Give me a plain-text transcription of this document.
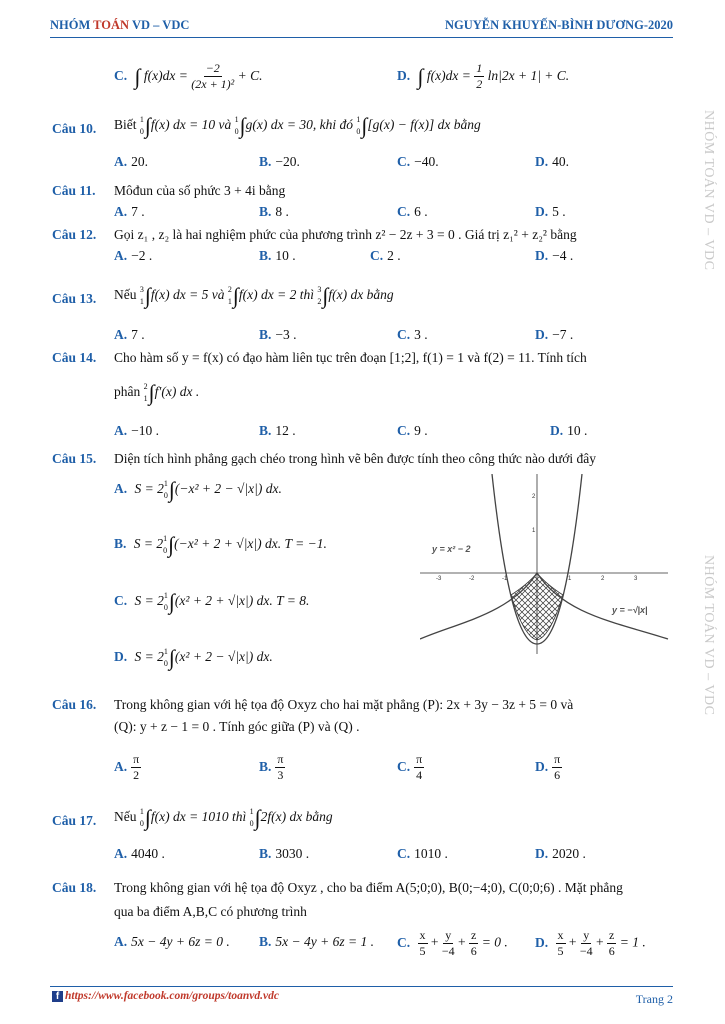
NHÓM TOÁN VD – VDC	NGUYỄN KHUYẾN-BÌNH DƯƠNG-2020
NHÓM TOÁN VD – VDC
NHÓM TOÁN VD – VDC
C. ∫ $f(x)dx = \frac{-2}{\text{(2x + 1)²}} + C$.	D. ∫ $f(x)dx = \frac{1}{2} \ln|2x + 1| + C$.
Câu 10. Biết 1
0 ∫f(x) dx = 10 và 1
0 ∫g(x) dx = 30, khi đó 1
0 ∫[g(x) − f(x)] dx bằng
A. 20.	B. −20.	C. −40.	D. 40.
Câu 11. Môđun của số phức 3 + 4i bằng
A. 7 .	B. 8 .	C. 6 .	D. 5 .
Câu 12. Gọi z₁ , z₂ là hai nghiệm phức của phương trình z² − 2z + 3 = 0 . Giá trị z₁² + z₂² bằng
A. −2 .	B. 10 .	C. 2 .	D. −4 .
Câu 13. Nếu 3
1 ∫f(x) dx = 5 và 2
1 ∫f(x) dx = 2 thì 3
2 ∫f(x) dx bằng
A. 7 .	B. −3 .	C. 3 .	D. −7 .
Câu 14. Cho hàm số y = f(x) có đạo hàm liên tục trên đoạn [1;2], f(1) = 1 và f(2) = 11. Tính tích
phân 2
1 ∫f′(x) dx .
A. −10 .	B. 12 .	C. 9 .	D. 10 .
Câu 15. Diện tích hình phẳng gạch chéo trong hình vẽ bên được tính theo công thức nào dưới đây
A. S = 2 1
0 ∫(−x² + 2 − √|x|) dx.
B. S = 2 1
0 ∫(−x² + 2 + √|x|) dx. T = −1.
C. S = 2 1
0 ∫(x² + 2 + √|x|) dx. T = 8.
D. S = 2 1
0 ∫(x² + 2 − √|x|) dx.
-3	-2	-1	1	2	3
2
1
y = x² − 2
y = −√|x|
Câu 16. Trong không gian với hệ tọa độ Oxyz cho hai mặt phẳng (P): 2x + 3y − 3z + 5 = 0 và
(Q): y + z − 1 = 0 . Tính góc giữa (P) và (Q) .
A. $\frac{\pi}{2}$	B. $\frac{\pi}{3}$	C. $\frac{\pi}{4}$	D. $\frac{\pi}{6}$
Câu 17. Nếu 1
0 ∫f(x) dx = 1010 thì 1
0 ∫2f(x) dx bằng
A. 4040 .	B. 3030 .	C. 1010 .	D. 2020 .
Câu 18. Trong không gian với hệ tọa độ Oxyz , cho ba điểm A(5;0;0), B(0;−4;0), C(0;0;6) . Mặt phẳng
qua ba điểm A,B,C có phương trình
A. 5x − 4y + 6z = 0 . B. 5x − 4y + 6z = 1 . C. $\frac{x}{5} + \frac{y}{-4} + \frac{z}{6} = 0$ . D. $\frac{x}{5} + \frac{y}{-4} + \frac{z}{6} = 1$ .
f https://www.facebook.com/groups/toanvd.vdc	Trang 2
